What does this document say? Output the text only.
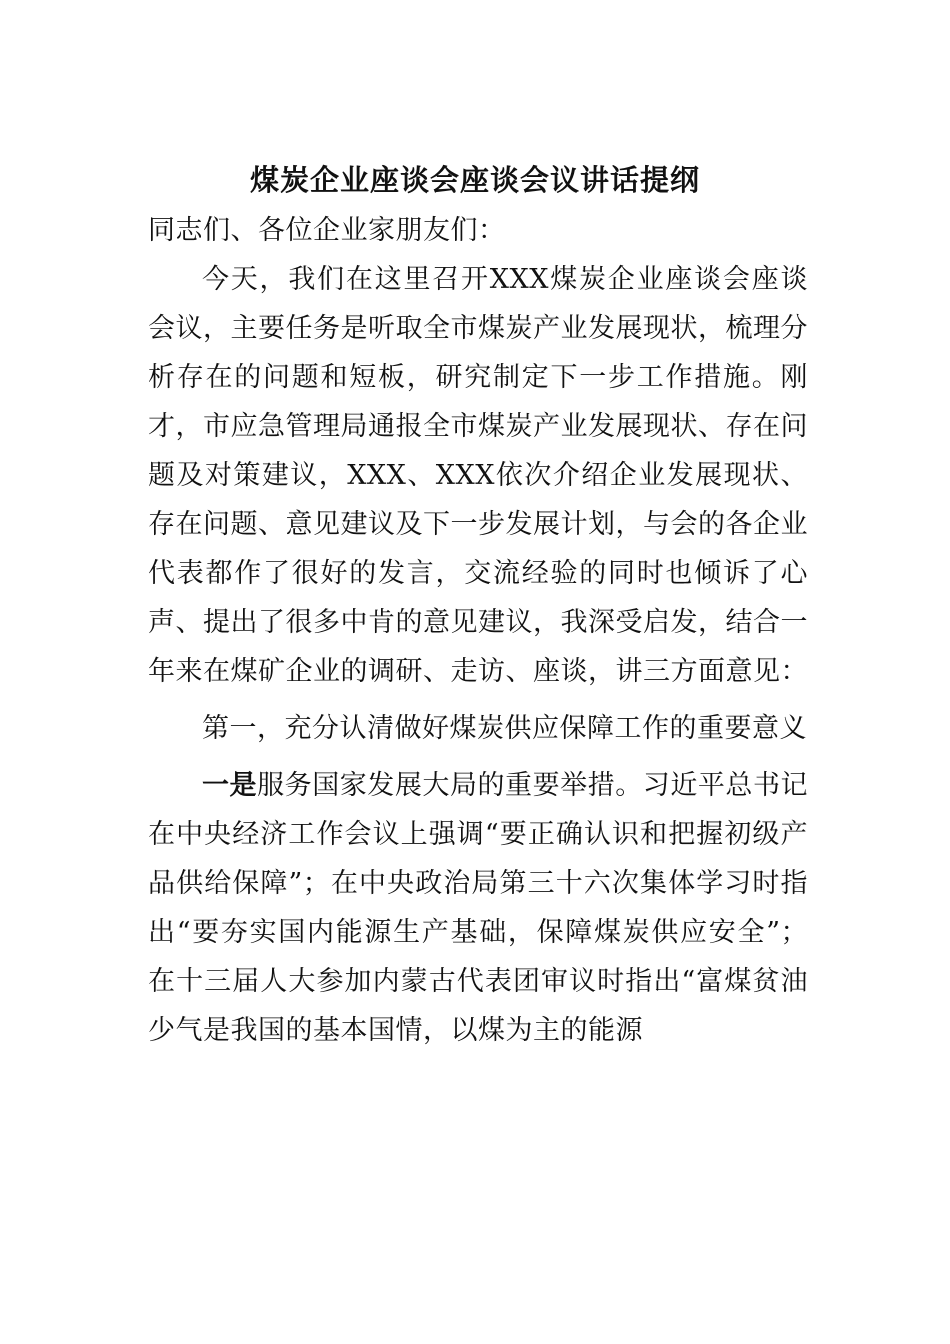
煤炭企业座谈会座谈会议讲话提纲

同志们、各位企业家朋友们：

今天，我们在这里召开XXX煤炭企业座谈会座谈会议，主要任务是听取全市煤炭产业发展现状，梳理分析存在的问题和短板，研究制定下一步工作措施。刚才，市应急管理局通报全市煤炭产业发展现状、存在问题及对策建议，XXX、XXX依次介绍企业发展现状、存在问题、意见建议及下一步发展计划，与会的各企业代表都作了很好的发言，交流经验的同时也倾诉了心声、提出了很多中肯的意见建议，我深受启发，结合一年来在煤矿企业的调研、走访、座谈，讲三方面意见：

第一，充分认清做好煤炭供应保障工作的重要意义

一是服务国家发展大局的重要举措。习近平总书记在中央经济工作会议上强调“要正确认识和把握初级产品供给保障”；在中央政治局第三十六次集体学习时指出“要夯实国内能源生产基础，保障煤炭供应安全”；在十三届人大参加内蒙古代表团审议时指出“富煤贫油少气是我国的基本国情，以煤为主的能源
